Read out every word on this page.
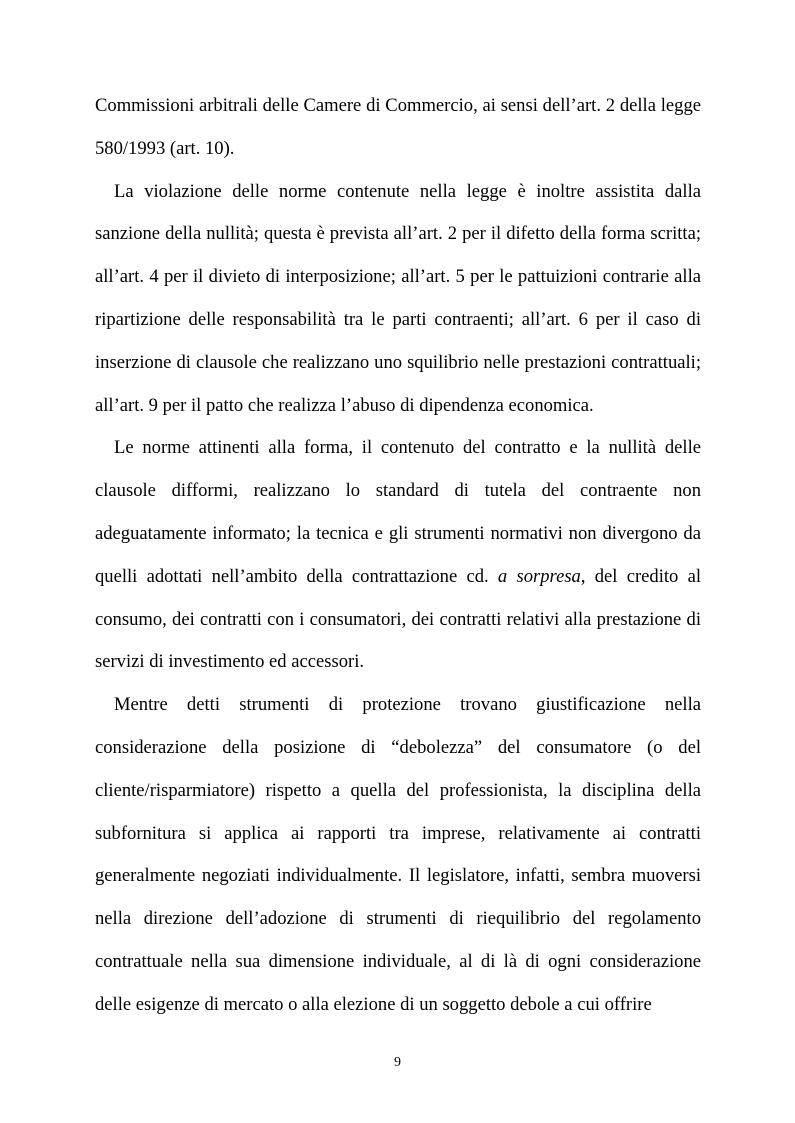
Commissioni arbitrali delle Camere di Commercio, ai sensi dell’art. 2 della legge 580/1993 (art. 10).

La violazione delle norme contenute nella legge è inoltre assistita dalla sanzione della nullità; questa è prevista all’art. 2 per il difetto della forma scritta; all’art. 4 per il divieto di interposizione; all’art. 5 per le pattuizioni contrarie alla ripartizione delle responsabilità tra le parti contraenti; all’art. 6 per il caso di inserzione di clausole che realizzano uno squilibrio nelle prestazioni contrattuali; all’art. 9 per il patto che realizza l’abuso di dipendenza economica.

Le norme attinenti alla forma, il contenuto del contratto e la nullità delle clausole difformi, realizzano lo standard di tutela del contraente non adeguatamente informato; la tecnica e gli strumenti normativi non divergono da quelli adottati nell’ambito della contrattazione cd. a sorpresa, del credito al consumo, dei contratti con i consumatori, dei contratti relativi alla prestazione di servizi di investimento ed accessori.

Mentre detti strumenti di protezione trovano giustificazione nella considerazione della posizione di “debolezza” del consumatore (o del cliente/risparmiatore) rispetto a quella del professionista, la disciplina della subfornitura si applica ai rapporti tra imprese, relativamente ai contratti generalmente negoziati individualmente. Il legislatore, infatti, sembra muoversi nella direzione dell’adozione di strumenti di riequilibrio del regolamento contrattuale nella sua dimensione individuale, al di là di ogni considerazione delle esigenze di mercato o alla elezione di un soggetto debole a cui offrire

9
